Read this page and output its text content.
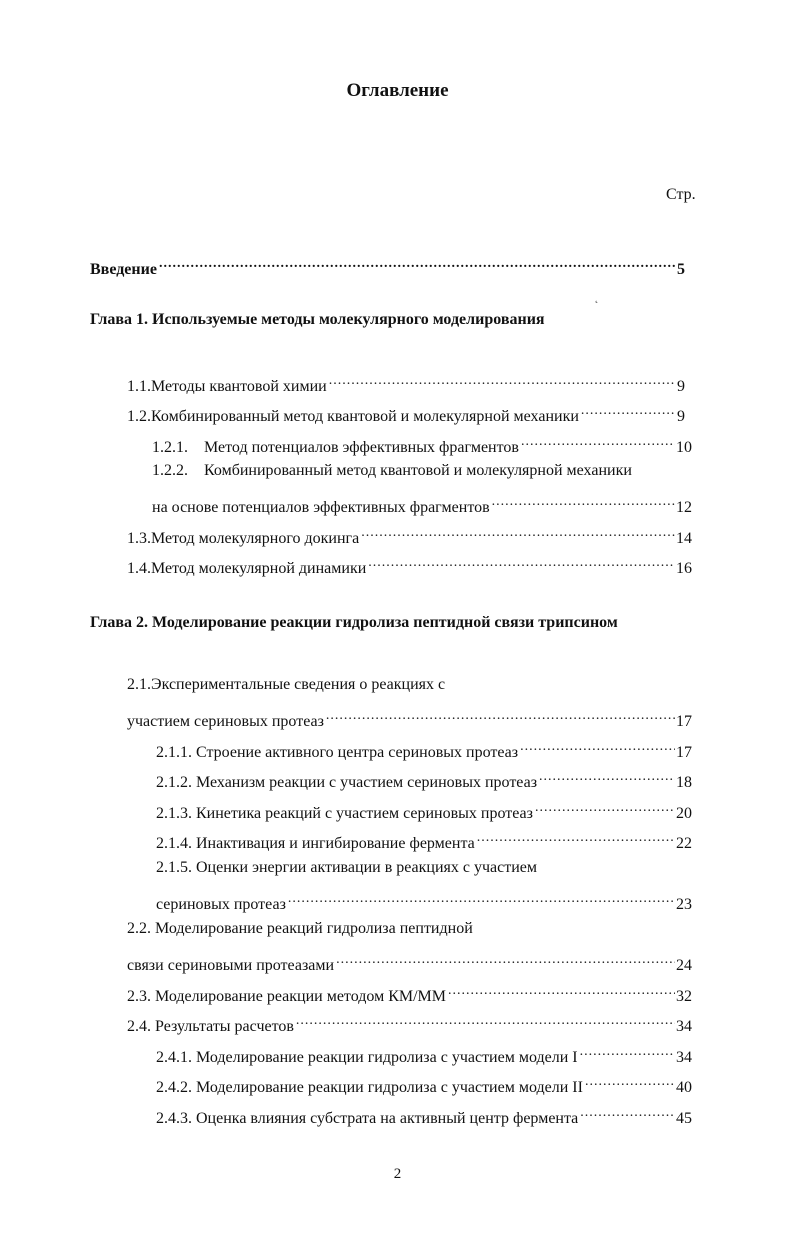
Оглавление
Стр.
˛
Введение .....	5
Глава 1. Используемые методы молекулярного моделирования
1.1.Методы квантовой химии .....	9
1.2.Комбинированный метод квантовой и молекулярной механики .....	9
1.2.1. Метод потенциалов эффективных фрагментов .....	10
1.2.2. Комбинированный метод квантовой и молекулярной механики
на основе потенциалов эффективных фрагментов .....	12
1.3.Метод молекулярного докинга .....	14
1.4.Метод молекулярной динамики .....	16
Глава 2. Моделирование реакции гидролиза пептидной связи трипсином
2.1.Экспериментальные сведения о реакциях с
участием сериновых протеаз .....	17
2.1.1. Строение активного центра сериновых протеаз .....	17
2.1.2. Механизм реакции с участием сериновых протеаз .....	18
2.1.3. Кинетика реакций с участием сериновых протеаз .....	20
2.1.4. Инактивация и ингибирование фермента .....	22
2.1.5. Оценки энергии активации в реакциях с участием
сериновых протеаз .....	23
2.2. Моделирование реакций гидролиза пептидной
связи сериновыми протеазами .....	24
2.3. Моделирование реакции методом КМ/ММ .....	32
2.4. Результаты расчетов .....	34
2.4.1. Моделирование реакции гидролиза с участием модели I .....	34
2.4.2. Моделирование реакции гидролиза с участием модели II .....	40
2.4.3. Оценка влияния субстрата на активный центр фермента .....	45
2
